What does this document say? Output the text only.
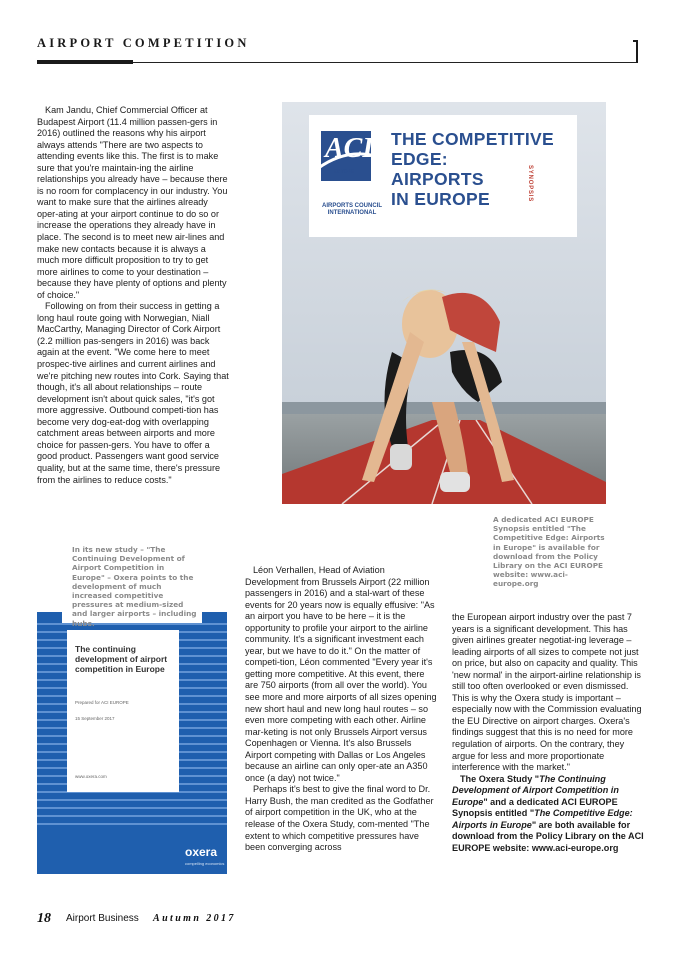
AIRPORT COMPETITION

Kam Jandu, Chief Commercial Officer at Budapest Airport (11.4 million passen-gers in 2016) outlined the reasons why his airport always attends "There are two aspects to attending events like this. The first is to make sure that you're maintain-ing the airline relationships you already have – because there is no room for complacency in our industry. You want to make sure that the airlines already oper-ating at your airport continue to do so or increase the operations they already have in place. The second is to meet new air-lines and make new contacts because it is always a much more difficult proposition to try to get more airlines to come to your destination – because they have plenty of options and plenty of choice."

Following on from their success in getting a long haul route going with Norwegian, Niall MacCarthy, Managing Director of Cork Airport (2.2 million pas-sengers in 2016) was back again at the event. "We come here to meet prospec-tive airlines and current airlines and we're pitching new routes into Cork. Saying that though, it's all about relationships – route development isn't about quick sales, "it's got more aggressive. Outbound competi-tion has become very dog-eat-dog with overlapping catchment areas between airports and more choice for passen-gers. You have to offer a good product. Passengers want good service quality, but at the same time, there's pressure from the airlines to reduce costs."

ACI
EUROPE
AIRPORTS COUNCIL INTERNATIONAL
THE COMPETITIVE
EDGE:
AIRPORTS
IN EUROPE	SYNOPSIS
A dedicated ACI EUROPE Synopsis entitled "The Competitive Edge: Airports in Europe" is available for download from the Policy Library on the ACI EUROPE website: www.aci-europe.org
The continuing development of airport competition in Europe
Prepared for ACI EUROPE
15 September 2017
www.oxera.com
oxera
compelling economics
In its new study – "The Continuing Development of Airport Competition in Europe" – Oxera points to the development of much increased competitive pressures at medium-sized and larger airports – including hubs.

Léon Verhallen, Head of Aviation Development from Brussels Airport (22 million passengers in 2016) and a stal-wart of these events for 20 years now is equally effusive: "As an airport you have to be here – it is the opportunity to profile your airport to the airline community. It's a significant investment each year, but we have to do it." On the matter of competi-tion, Léon commented "Every year it's getting more competitive. At this event, there are 750 airports (from all over the world). You see more and more airports of all sizes opening new short haul and new long haul routes – so even more competing with each other. Airline mar-keting is not only Brussels Airport versus Copenhagen or Vienna. It's also Brussels Airport competing with Dallas or Los Angeles because an airline can only oper-ate an A350 once (a day) not twice."

Perhaps it's best to give the final word to Dr. Harry Bush, the man credited as the Godfather of airport competition in the UK, who at the release of the Oxera Study, com-mented "The extent to which competitive pressures have been converging across

the European airport industry over the past 7 years is a significant development. This has given airlines greater negotiat-ing leverage – leading airports of all sizes to compete not just on price, but also on capacity and quality. This 'new normal' in the airport-airline relationship is still too often overlooked or even dismissed. This is why the Oxera study is important – especially now with the Commission evaluating the EU Directive on airport charges. Oxera's findings suggest that this is no need for more regulation of airports. On the contrary, they argue for less and more proportionate interference with the market."

The Oxera Study "The Continuing Development of Airport Competition in Europe" and a dedicated ACI EUROPE Synopsis entitled "The Competitive Edge: Airports in Europe" are both available for download from the Policy Library on the ACI EUROPE website: www.aci-europe.org

18 Airport Business Autumn 2017
